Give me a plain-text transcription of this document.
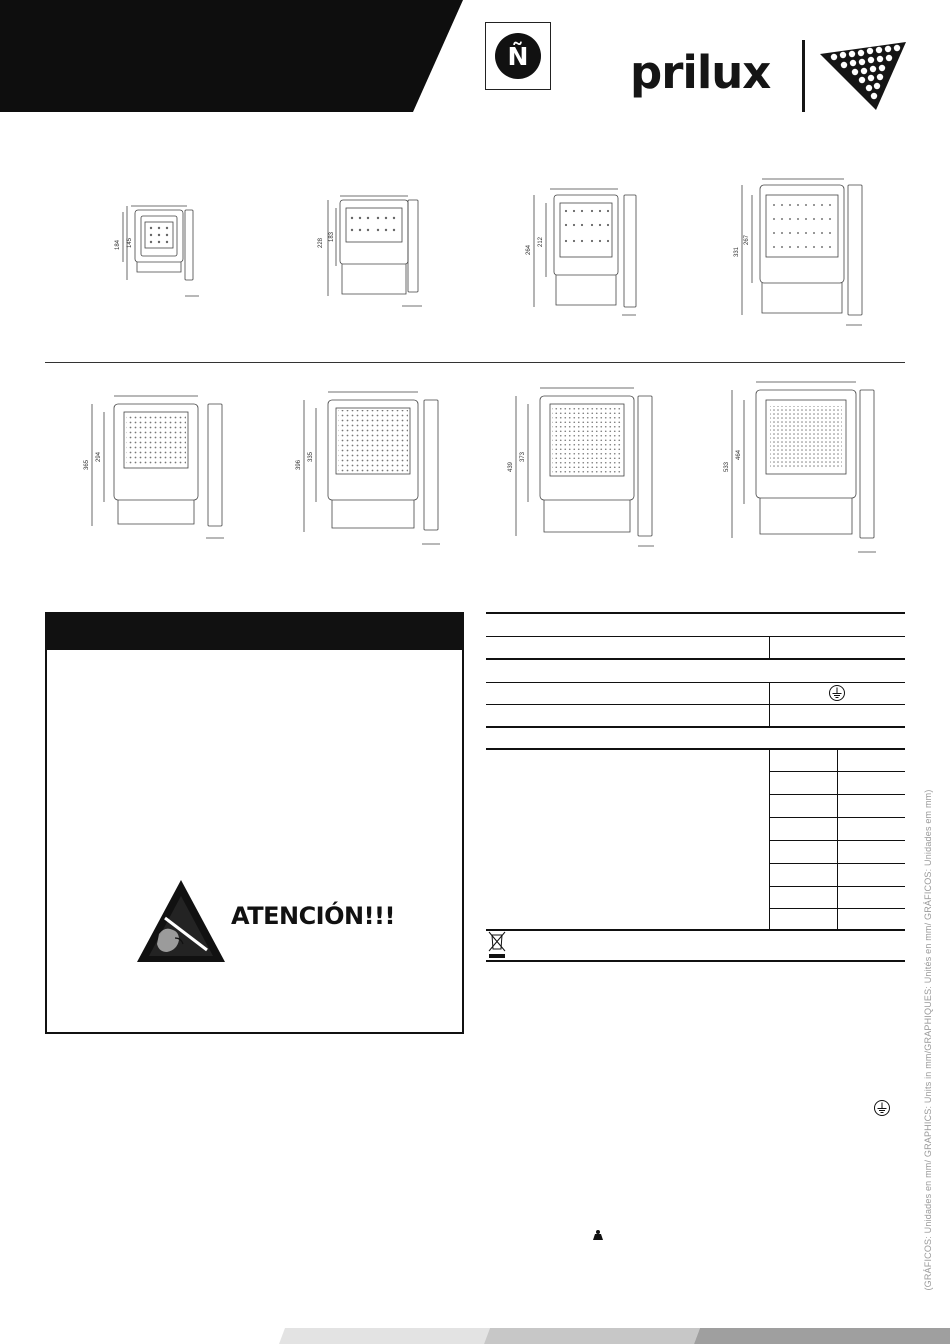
Ñ prilux
184 145	228
183
264
212
331
267
365
294
396
335
439
373
533
464
ATENCIÓN!!!	(GRÁFICOS: Unidades en mm/ GRAPHICS: Units in mm/GRAPHIQUES: Unités en mm/ GRÁFICOS: Unidades em mm)
